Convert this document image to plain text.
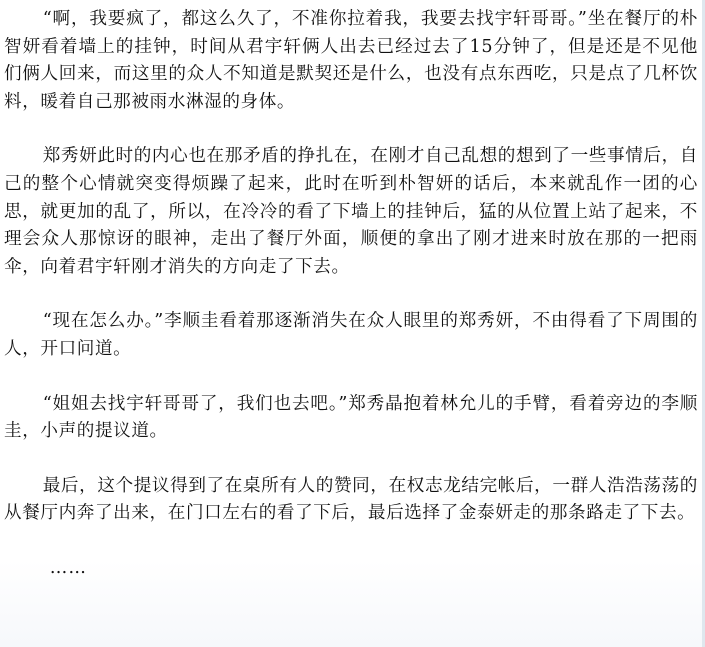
“啊，我要疯了，都这么久了，不准你拉着我，我要去找宇轩哥哥。”坐在餐厅的朴智妍看着墙上的挂钟，时间从君宇轩俩人出去已经过去了15分钟了，但是还是不见他们俩人回来，而这里的众人不知道是默契还是什么，也没有点东西吃，只是点了几杯饮料，暖着自己那被雨水淋湿的身体。

郑秀妍此时的内心也在那矛盾的挣扎在，在刚才自己乱想的想到了一些事情后，自己的整个心情就突变得烦躁了起来，此时在听到朴智妍的话后，本来就乱作一团的心思，就更加的乱了，所以，在冷冷的看了下墙上的挂钟后，猛的从位置上站了起来，不理会众人那惊讶的眼神，走出了餐厅外面，顺便的拿出了刚才进来时放在那的一把雨伞，向着君宇轩刚才消失的方向走了下去。

“现在怎么办。”李顺圭看着那逐渐消失在众人眼里的郑秀妍，不由得看了下周围的人，开口问道。

“姐姐去找宇轩哥哥了，我们也去吧。”郑秀晶抱着林允儿的手臂，看着旁边的李顺圭，小声的提议道。

最后，这个提议得到了在桌所有人的赞同，在权志龙结完帐后，一群人浩浩荡荡的从餐厅内奔了出来，在门口左右的看了下后，最后选择了金泰妍走的那条路走了下去。

……
